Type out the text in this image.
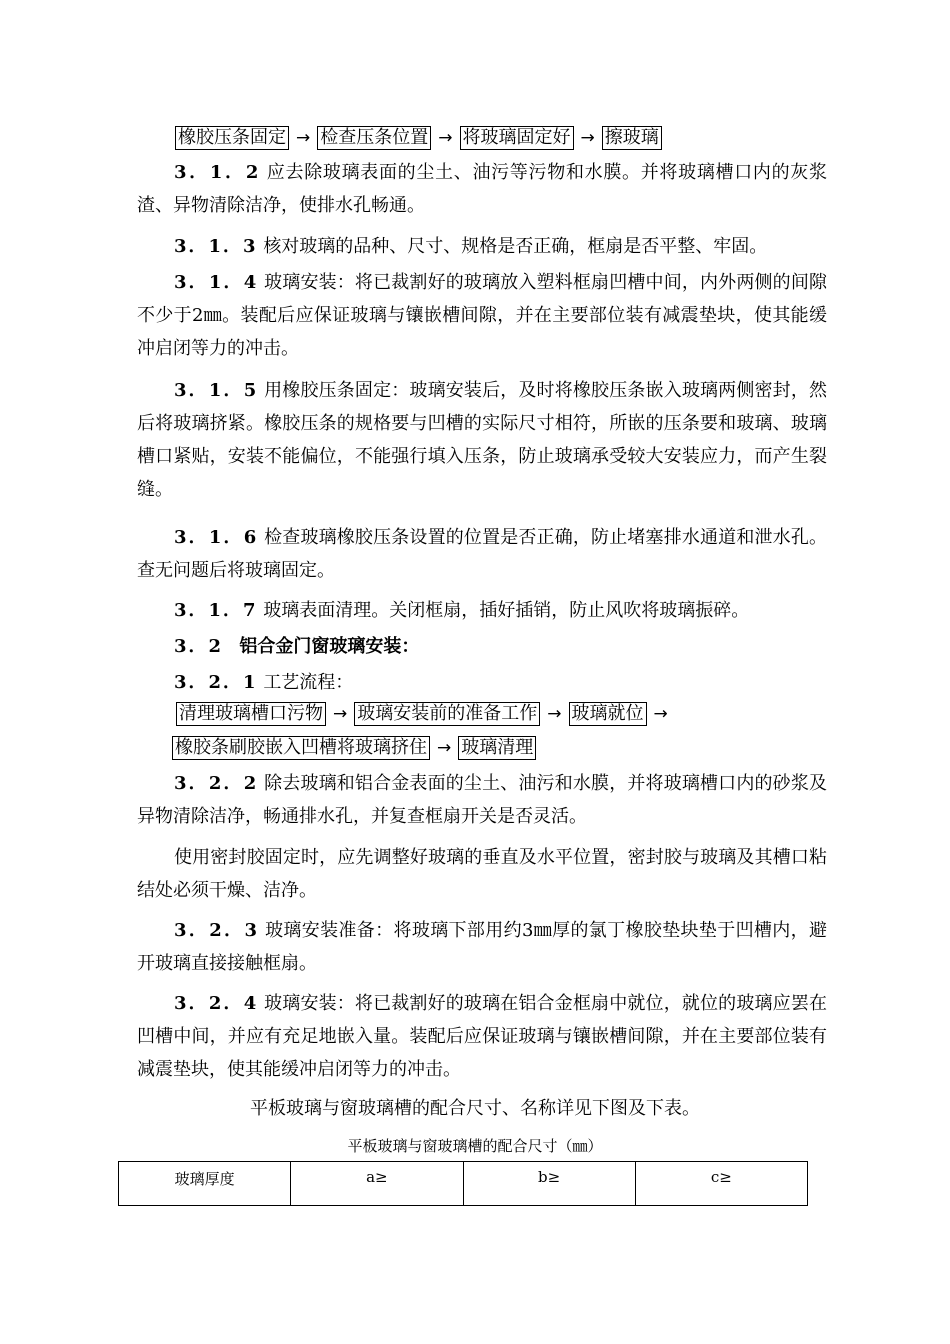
橡胶压条固定 → 检查压条位置 → 将玻璃固定好 → 擦玻璃
3．1．2 应去除玻璃表面的尘土、油污等污物和水膜。并将玻璃槽口内的灰浆渣、异物清除洁净，使排水孔畅通。
3．1．3 核对玻璃的品种、尺寸、规格是否正确，框扇是否平整、牢固。
3．1．4 玻璃安装：将已裁割好的玻璃放入塑料框扇凹槽中间，内外两侧的间隙不少于2㎜。装配后应保证玻璃与镶嵌槽间隙，并在主要部位装有减震垫块，使其能缓冲启闭等力的冲击。
3．1．5 用橡胶压条固定：玻璃安装后，及时将橡胶压条嵌入玻璃两侧密封，然后将玻璃挤紧。橡胶压条的规格要与凹槽的实际尺寸相符，所嵌的压条要和玻璃、玻璃槽口紧贴，安装不能偏位，不能强行填入压条，防止玻璃承受较大安装应力，而产生裂缝。
3．1．6 检查玻璃橡胶压条设置的位置是否正确，防止堵塞排水通道和泄水孔。查无问题后将玻璃固定。
3．1．7 玻璃表面清理。关闭框扇，插好插销，防止风吹将玻璃振碎。
3．2 铝合金门窗玻璃安装：
3．2．1 工艺流程：
清理玻璃槽口污物 → 玻璃安装前的准备工作 → 玻璃就位 →
橡胶条刷胶嵌入凹槽将玻璃挤住 → 玻璃清理
3．2．2 除去玻璃和铝合金表面的尘土、油污和水膜，并将玻璃槽口内的砂浆及异物清除洁净，畅通排水孔，并复查框扇开关是否灵活。
使用密封胶固定时，应先调整好玻璃的垂直及水平位置，密封胶与玻璃及其槽口粘结处必须干燥、洁净。
3．2．3 玻璃安装准备：将玻璃下部用约3㎜厚的氯丁橡胶垫块垫于凹槽内，避开玻璃直接接触框扇。
3．2．4 玻璃安装：将已裁割好的玻璃在铝合金框扇中就位，就位的玻璃应罢在凹槽中间，并应有充足地嵌入量。装配后应保证玻璃与镶嵌槽间隙，并在主要部位装有减震垫块，使其能缓冲启闭等力的冲击。
平板玻璃与窗玻璃槽的配合尺寸、名称详见下图及下表。
平板玻璃与窗玻璃槽的配合尺寸（㎜）
玻璃厚度	a≥	b≥	c≥
